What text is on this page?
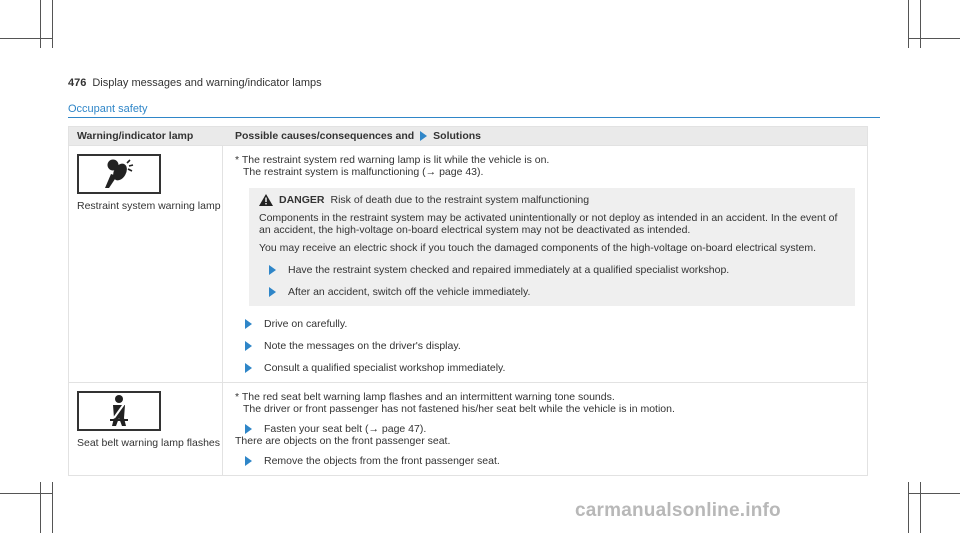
476 Display messages and warning/indicator lamps
Occupant safety
Warning/indicator lamp	Possible causes/consequences and Solutions
Restraint system warning lamp

* The restraint system red warning lamp is lit while the vehicle is on.

The restraint system is malfunctioning (→ page 43).

DANGER Risk of death due to the restraint system malfunctioning

Components in the restraint system may be activated unintentionally or not deploy as intended in an accident. In the event of an accident, the high-voltage on-board electrical system may not be deactivated as intended.

You may receive an electric shock if you touch the damaged components of the high-voltage on-board electrical system.

Have the restraint system checked and repaired immediately at a qualified specialist workshop.
After an accident, switch off the vehicle immediately.
Drive on carefully.
Note the messages on the driver's display.
Consult a qualified specialist workshop immediately.
Seat belt warning lamp flashes

* The red seat belt warning lamp flashes and an intermittent warning tone sounds.

The driver or front passenger has not fastened his/her seat belt while the vehicle is in motion.

Fasten your seat belt (→ page 47).

There are objects on the front passenger seat.

Remove the objects from the front passenger seat.
carmanualsonline.info
